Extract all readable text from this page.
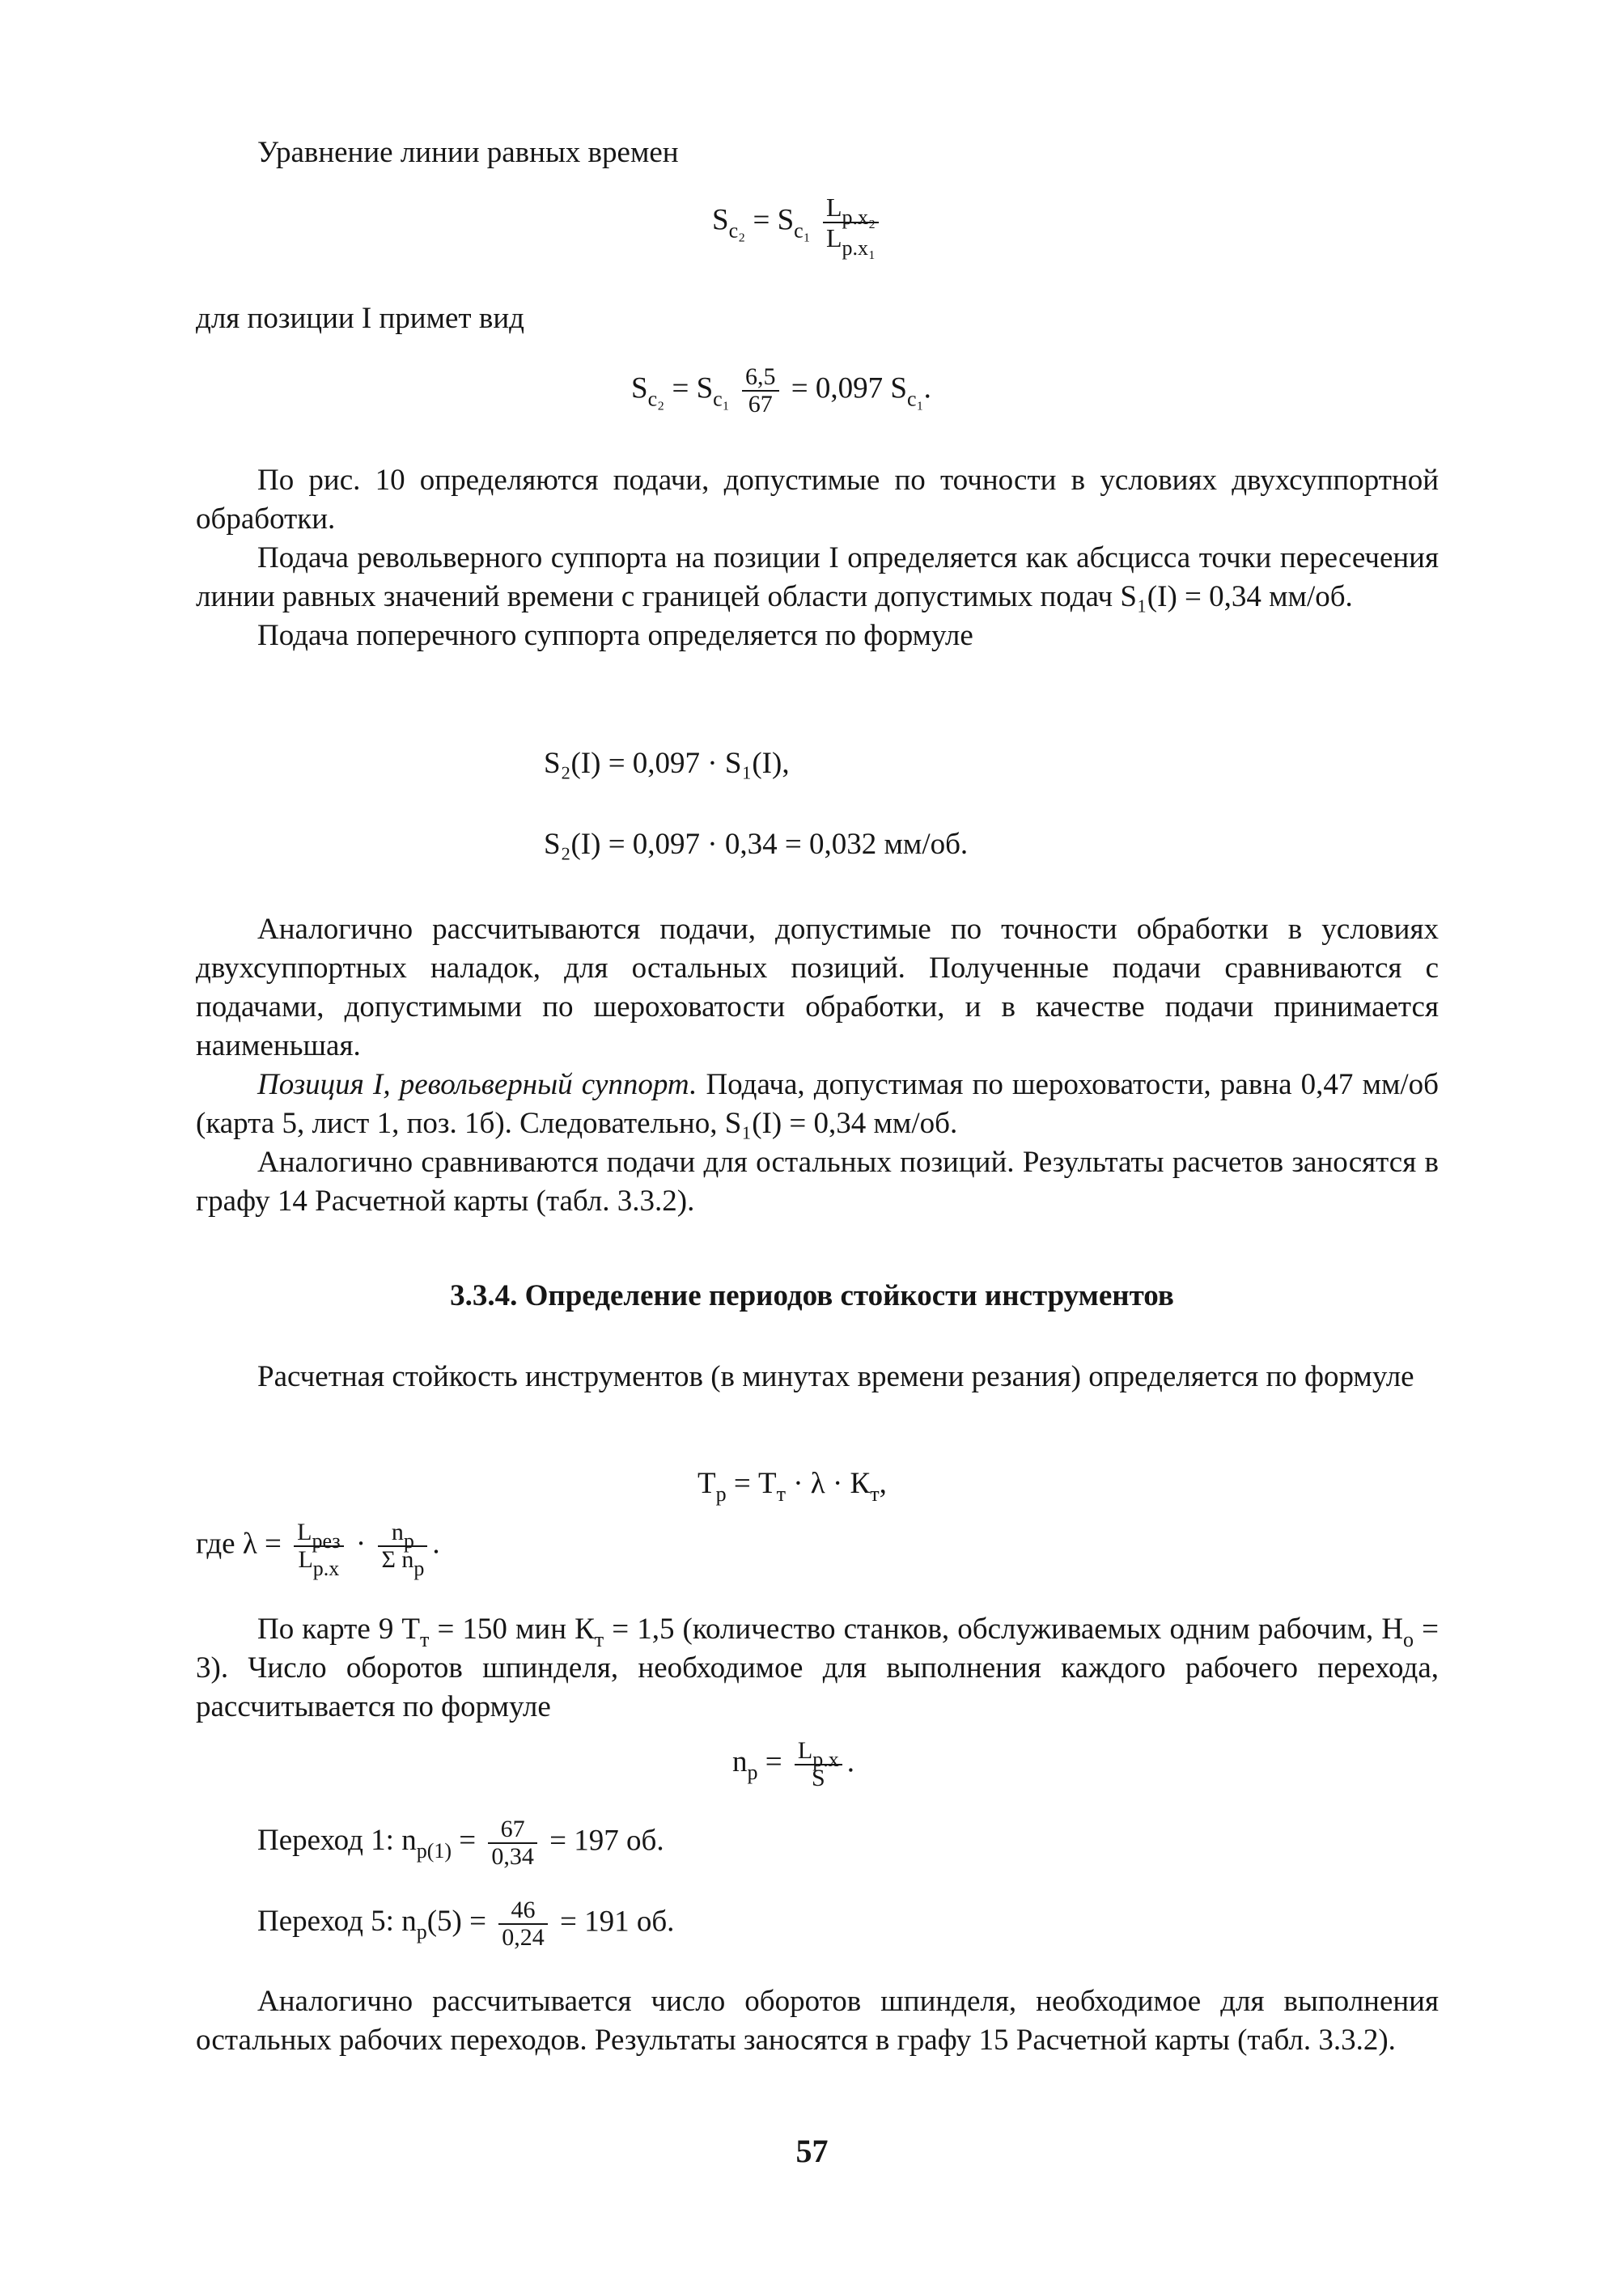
Уравнение линии равных времен

$S_{c_2} = S_{c_1} \frac{L_{р.x_2}}{L_{р.x_1}}$

для позиции I примет вид

$S_{c_2} = S_{c_1} \frac{6,5}{67} = 0,097$ $S_{c_1}$.

По рис. 10 определяются подачи, допустимые по точности в условиях двухсуппортной обработки.

Подача револьверного суппорта на позиции I определяется как абсцисса точки пересечения линии равных значений времени с границей области допустимых подач S₁(I) = 0,34 мм/об.

Подача поперечного суппорта определяется по формуле

S₂(I) = 0,097 · S₁(I),
S₂(I) = 0,097 · 0,34 = 0,032 мм/об.

Аналогично рассчитываются подачи, допустимые по точности обработки в условиях двухсуппортных наладок, для остальных позиций. Полученные подачи сравниваются с подачами, допустимыми по шероховатости обработки, и в качестве подачи принимается наименьшая.

Позиция I, револьверный суппорт. Подача, допустимая по шероховатости, равна 0,47 мм/об (карта 5, лист 1, поз. 1б). Следовательно, S₁(I) = 0,34 мм/об.

Аналогично сравниваются подачи для остальных позиций. Результаты расчетов заносятся в графу 14 Расчетной карты (табл. 3.3.2).

3.3.4. Определение периодов стойкости инструментов

Расчетная стойкость инструментов (в минутах времени резания) определяется по формуле

$Т_р = Т_т \cdot \lambda \cdot К_т$,
где $\lambda = \frac{L_{рез}}{L_{р.x}} \cdot \frac{n_р}{\Sigma n_р}$ .

По карте 9 $Т_т = 150$ мин $К_т = 1,5$ (количество станков, обслуживаемых одним рабочим, $Н_о = 3$). Число оборотов шпинделя, необходимое для выполнения каждого рабочего перехода, рассчитывается по формуле

$n_р = \frac{L_{р.x}}{S}$ .
Переход 1: $n_{р(1)} = \frac{67}{0,34} = 197$ об.
Переход 5: $n_р(5) = \frac{46}{0,24} = 191$ об.

Аналогично рассчитывается число оборотов шпинделя, необходимое для выполнения остальных рабочих переходов. Результаты заносятся в графу 15 Расчетной карты (табл. 3.3.2).

57
